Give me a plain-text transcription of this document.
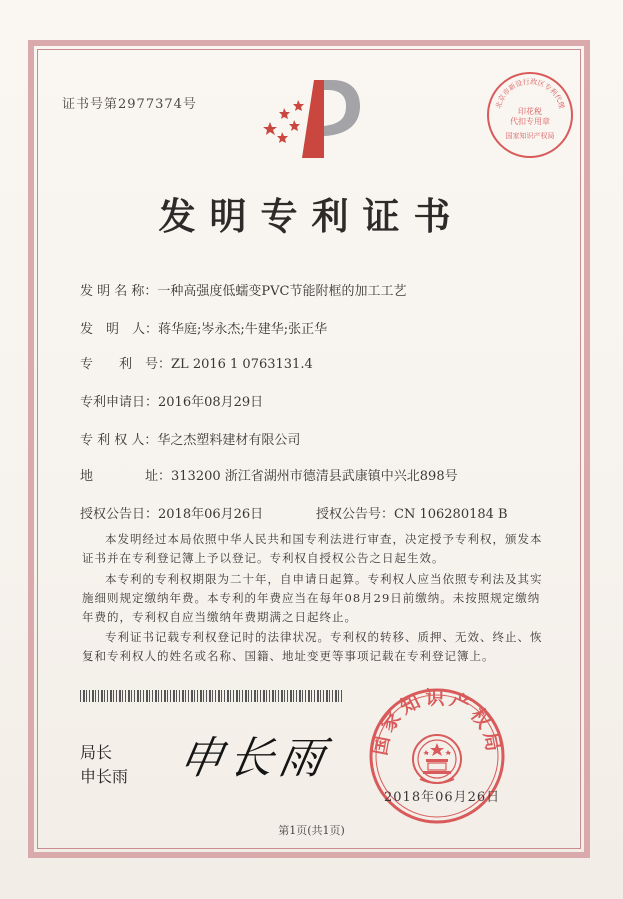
证书号第2977374号	北京市新设行政区专利代理
印花税
代扣专用章
国家知识产权局
发明专利证书
发 明 名 称：一种高强度低蠕变PVC节能附框的加工工艺
发　明　人：蒋华庭;岑永杰;牛建华;张正华
专　　利　号：ZL 2016 1 0763131.4
专利申请日：2016年08月29日
专 利 权 人：华之杰塑料建材有限公司
地　　　　址：313200 浙江省湖州市德清县武康镇中兴北898号
授权公告日：2018年06月26日	授权公告号：CN 106280184 B
本发明经过本局依照中华人民共和国专利法进行审查，决定授予专利权，颁发本证书并在专利登记簿上予以登记。专利权自授权公告之日起生效。
本专利的专利权期限为二十年，自申请日起算。专利权人应当依照专利法及其实施细则规定缴纳年费。本专利的年费应当在每年08月29日前缴纳。未按照规定缴纳年费的，专利权自应当缴纳年费期满之日起终止。
专利证书记载专利权登记时的法律状况。专利权的转移、质押、无效、终止、恢复和专利权人的姓名或名称、国籍、地址变更等事项记载在专利登记簿上。
局长
申长雨 申长雨 国家知识产权局
2018年06月26日
第1页(共1页)
